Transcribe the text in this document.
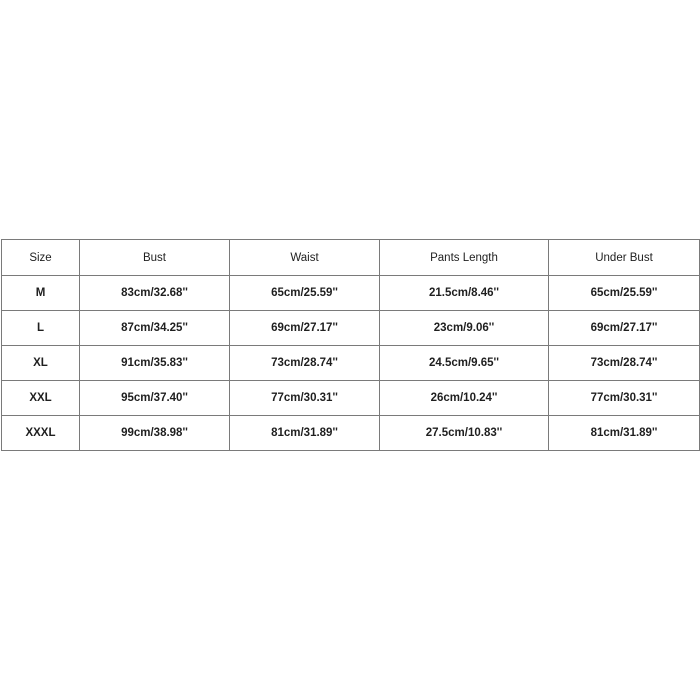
Size	Bust	Waist	Pants Length	Under Bust
M	83cm/32.68''	65cm/25.59''	21.5cm/8.46''	65cm/25.59''
L	87cm/34.25''	69cm/27.17''	23cm/9.06''	69cm/27.17''
XL	91cm/35.83''	73cm/28.74''	24.5cm/9.65''	73cm/28.74''
XXL	95cm/37.40''	77cm/30.31''	26cm/10.24''	77cm/30.31''
XXXL	99cm/38.98''	81cm/31.89''	27.5cm/10.83''	81cm/31.89''
